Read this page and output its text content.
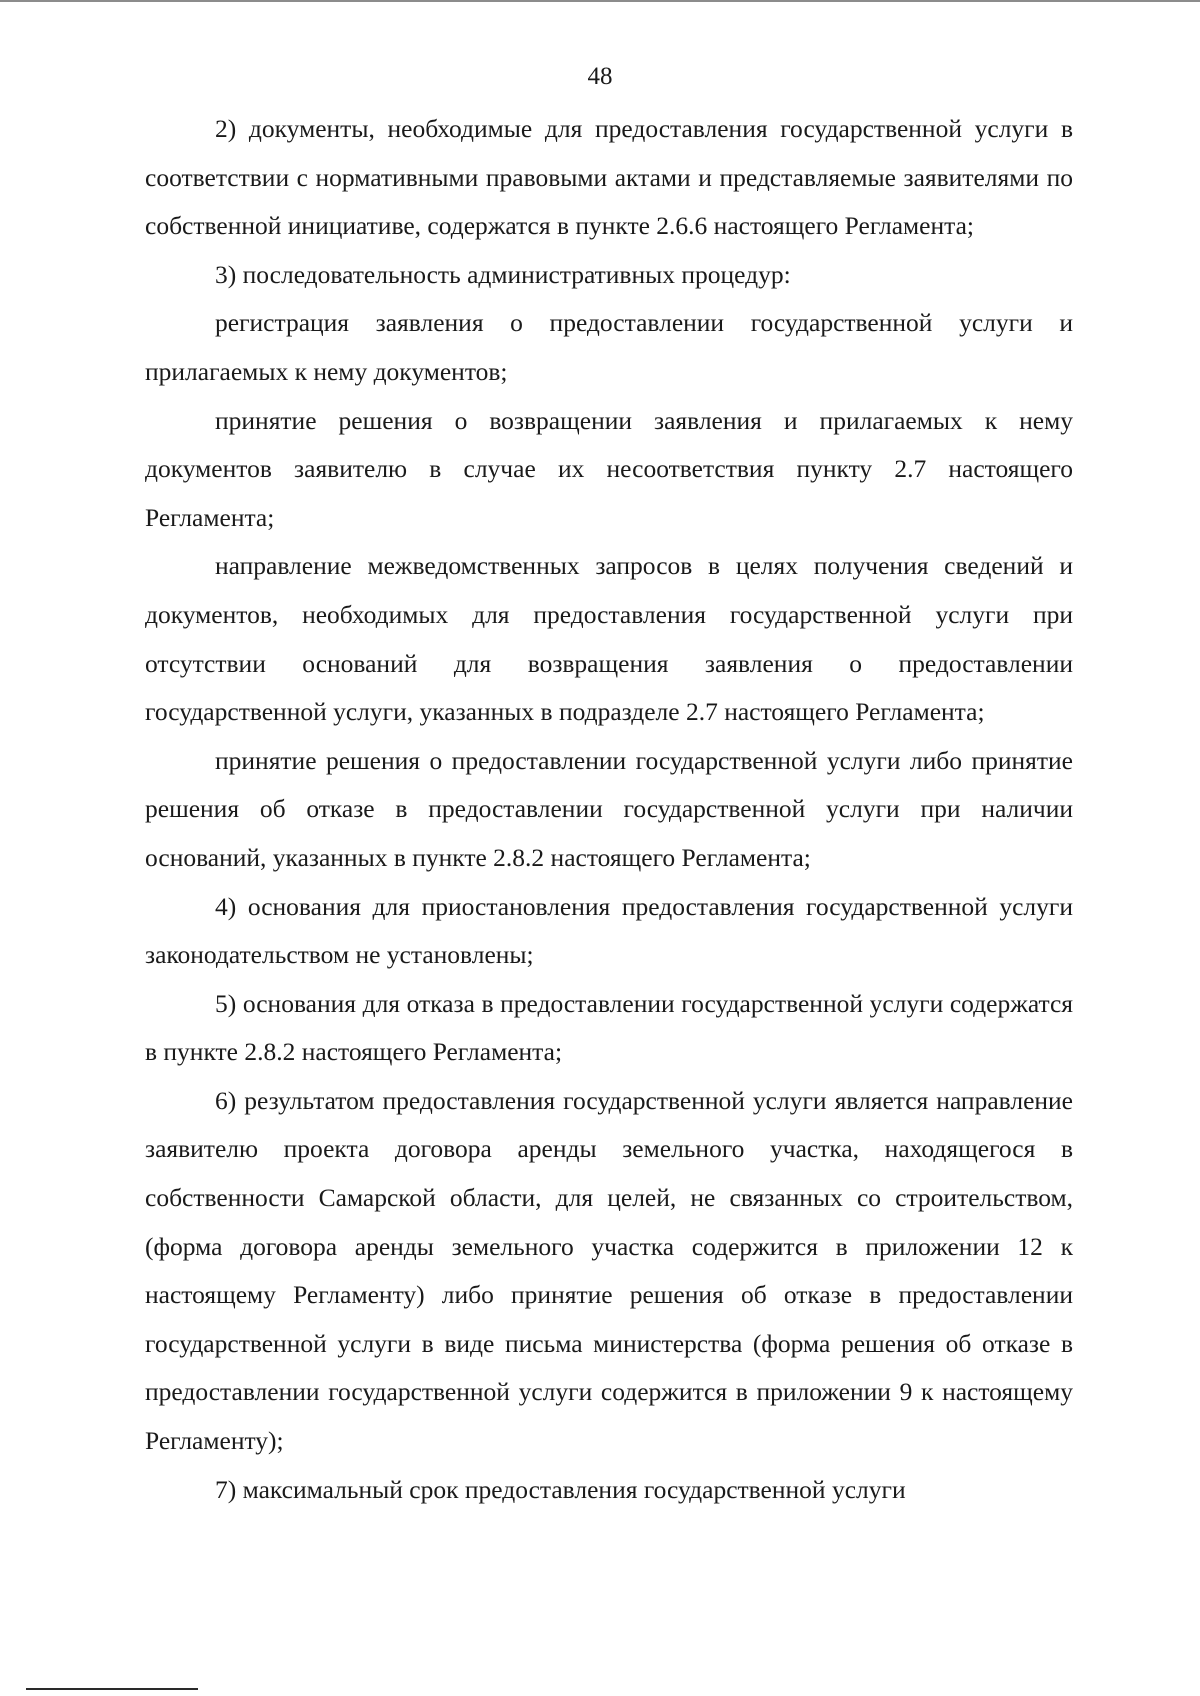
48

2) документы, необходимые для предоставления государственной услуги в соответствии с нормативными правовыми актами и представляемые заявителями по собственной инициативе, содержатся в пункте 2.6.6 настоящего Регламента;

3) последовательность административных процедур:

регистрация заявления о предоставлении государственной услуги и прилагаемых к нему документов;

принятие решения о возвращении заявления и прилагаемых к нему документов заявителю в случае их несоответствия пункту 2.7 настоящего Регламента;

направление межведомственных запросов в целях получения сведений и документов, необходимых для предоставления государственной услуги при отсутствии оснований для возвращения заявления о предоставлении государственной услуги, указанных в подразделе 2.7 настоящего Регламента;

принятие решения о предоставлении государственной услуги либо принятие решения об отказе в предоставлении государственной услуги при наличии оснований, указанных в пункте 2.8.2 настоящего Регламента;

4) основания для приостановления предоставления государственной услуги законодательством не установлены;

5) основания для отказа в предоставлении государственной услуги содержатся в пункте 2.8.2 настоящего Регламента;

6) результатом предоставления государственной услуги является направление заявителю проекта договора аренды земельного участка, находящегося в собственности Самарской области, для целей, не связанных со строительством, (форма договора аренды земельного участка содержится в приложении 12 к настоящему Регламенту) либо принятие решения об отказе в предоставлении государственной услуги в виде письма министерства (форма решения об отказе в предоставлении государственной услуги содержится в приложении 9 к настоящему Регламенту);

7) максимальный срок предоставления государственной услуги
